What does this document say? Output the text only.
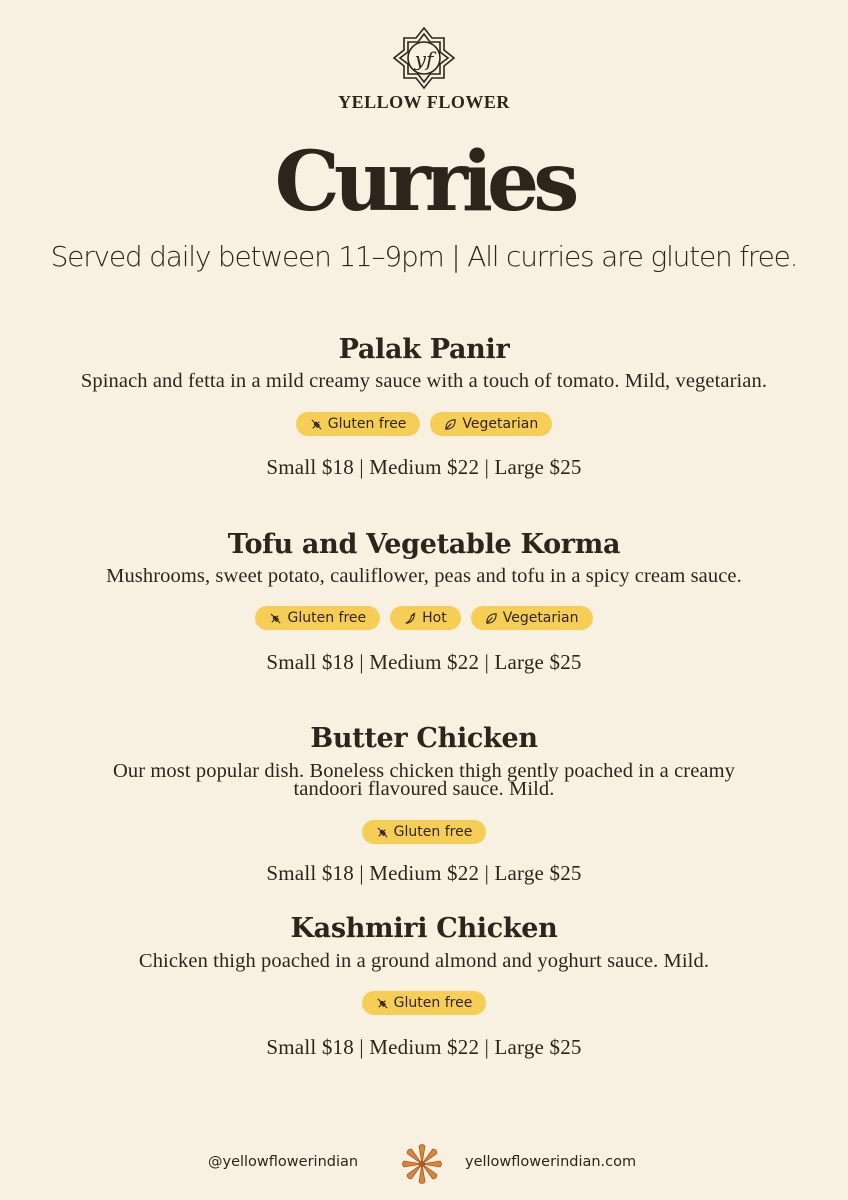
yf
YELLOW FLOWER
Curries
Served daily between 11–9pm | All curries are gluten free.
Palak Panir
Spinach and fetta in a mild creamy sauce with a touch of tomato. Mild, vegetarian.
Gluten free	Vegetarian
Small $18 | Medium $22 | Large $25
Tofu and Vegetable Korma
Mushrooms, sweet potato, cauliflower, peas and tofu in a spicy cream sauce.
Gluten free	Hot	Vegetarian
Small $18 | Medium $22 | Large $25
Butter Chicken
Our most popular dish. Boneless chicken thigh gently poached in a creamy
tandoori flavoured sauce. Mild.
Gluten free
Small $18 | Medium $22 | Large $25
Kashmiri Chicken
Chicken thigh poached in a ground almond and yoghurt sauce. Mild.
Gluten free
Small $18 | Medium $22 | Large $25
@yellowflowerindian	yellowflowerindian.com
